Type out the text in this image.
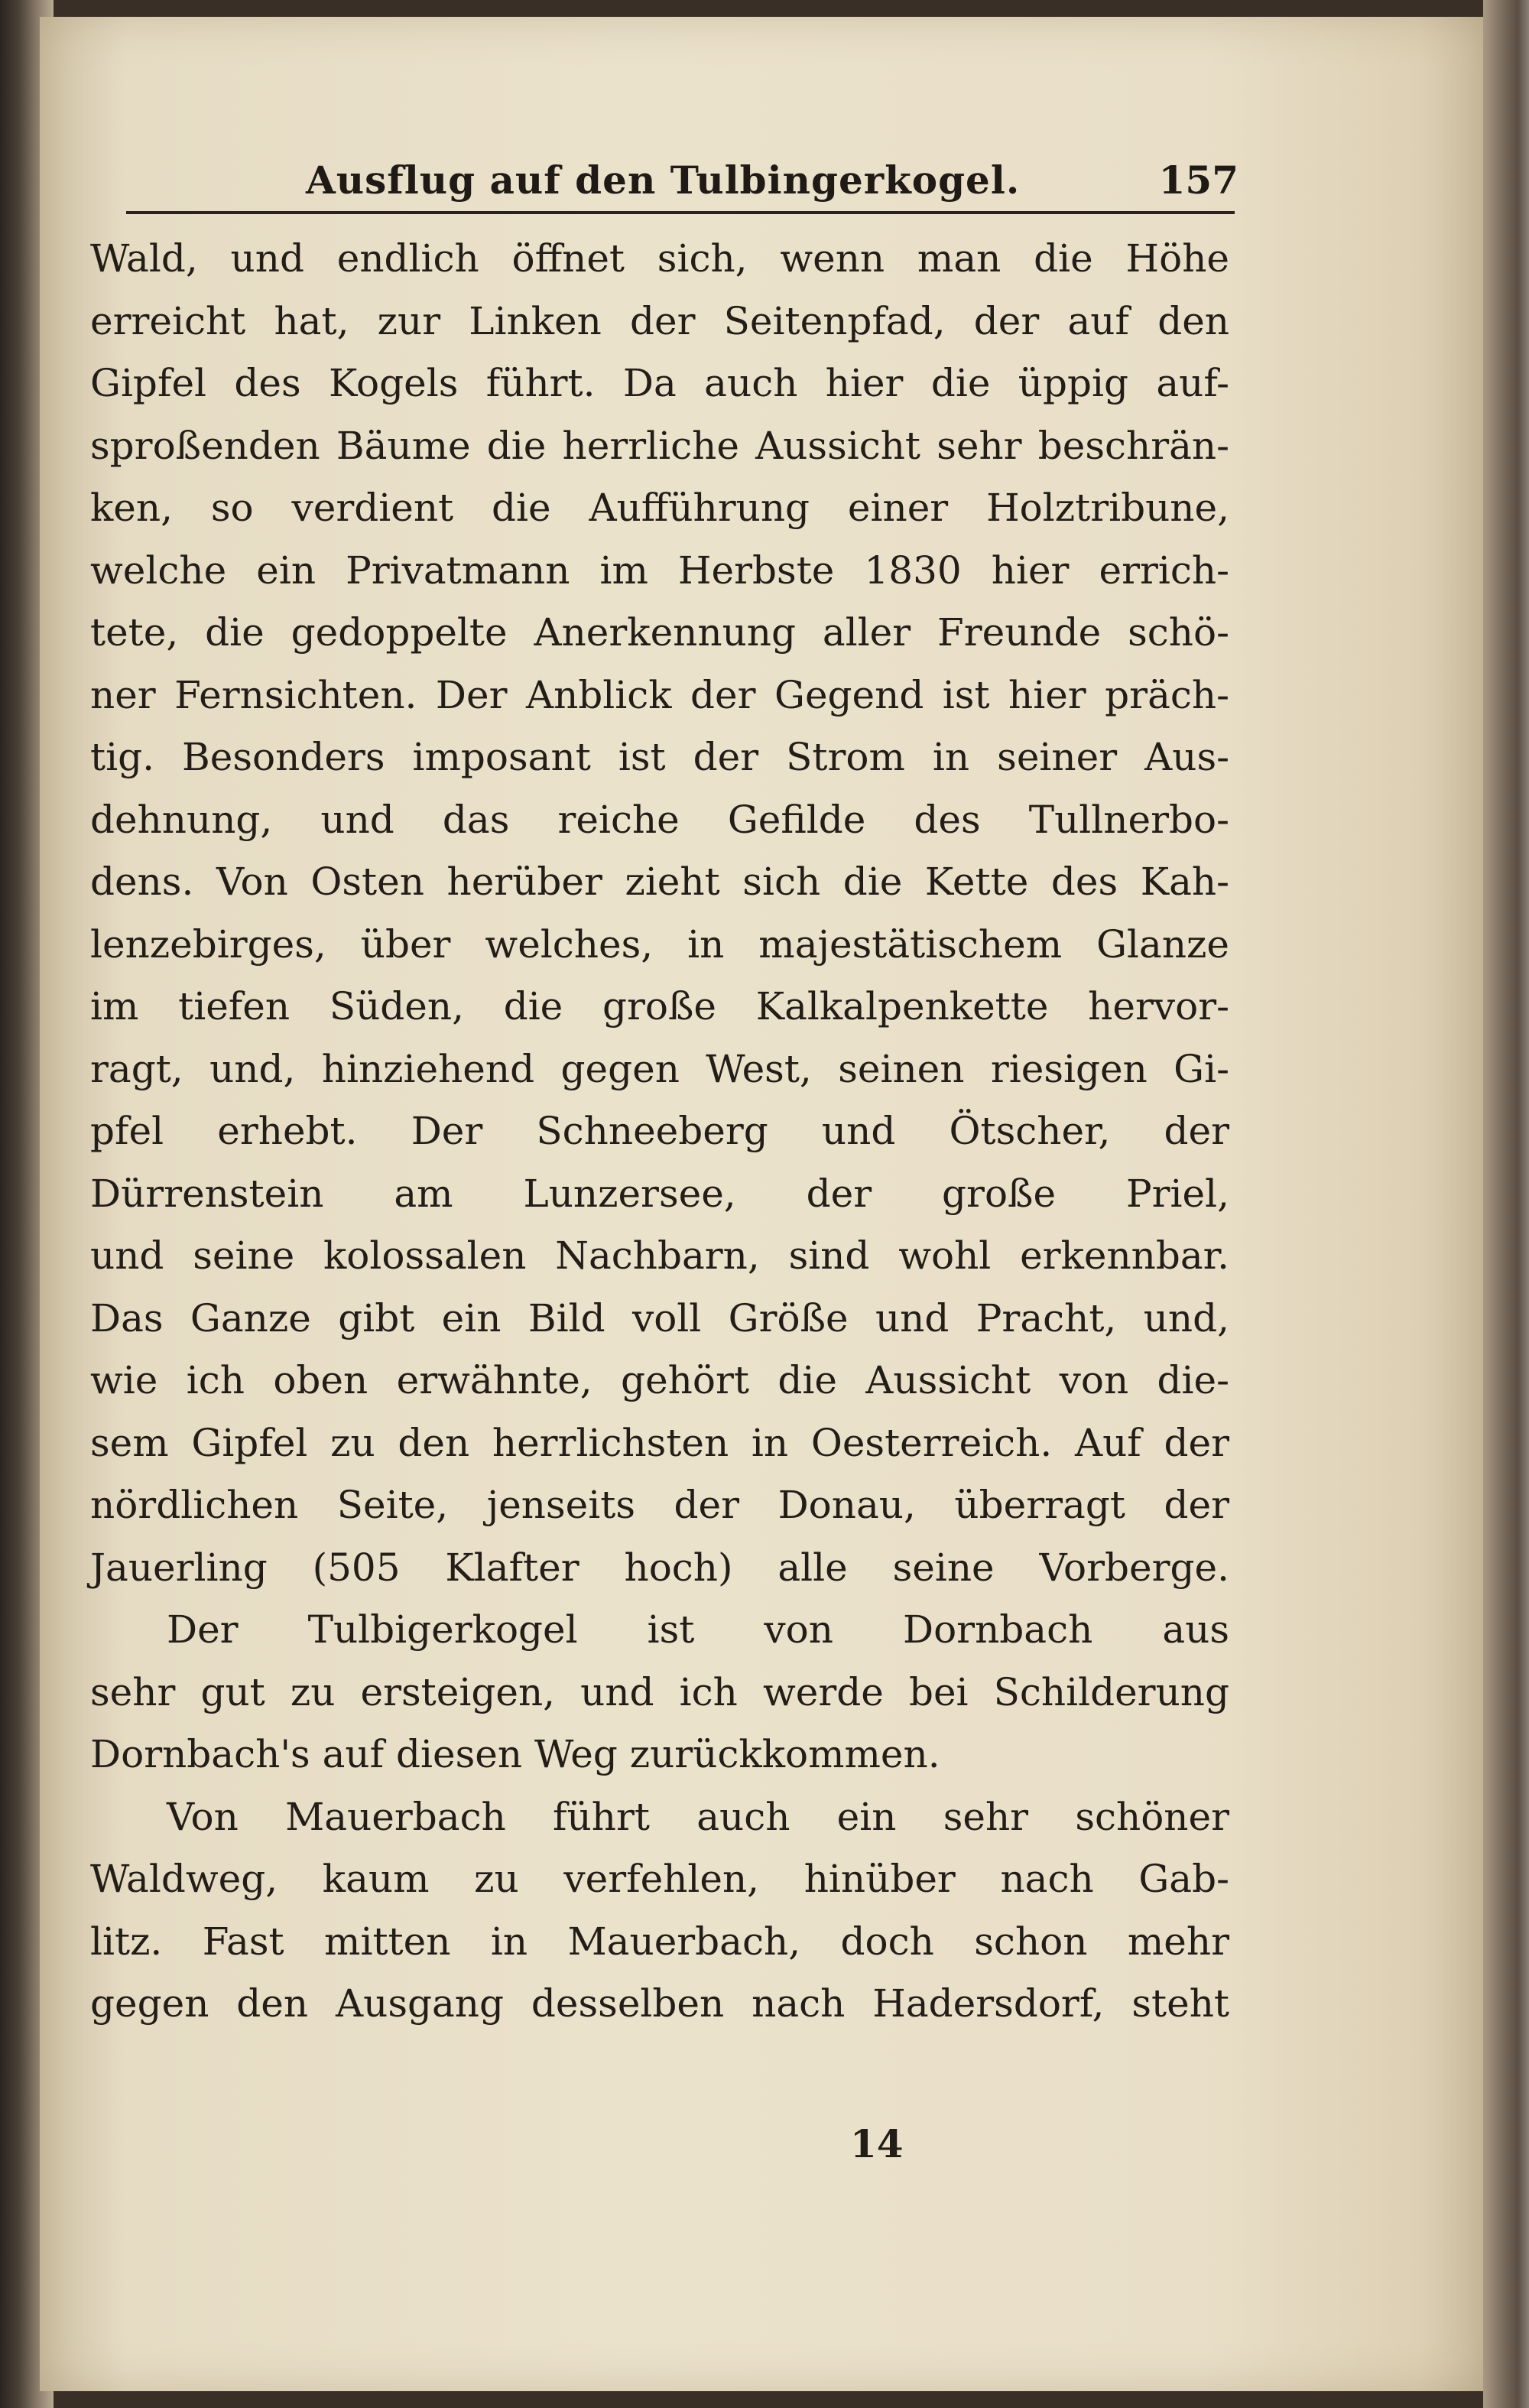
Ausflug auf den Tulbingerkogel.	157
Wald, und endlich öffnet sich, wenn man die Höhe
erreicht hat, zur Linken der Seitenpfad, der auf den
Gipfel des Kogels führt. Da auch hier die üppig auf-
sproßenden Bäume die herrliche Aussicht sehr beschrän-
ken, so verdient die Aufführung einer Holztribune,
welche ein Privatmann im Herbste 1830 hier errich-
tete, die gedoppelte Anerkennung aller Freunde schö-
ner Fernsichten. Der Anblick der Gegend ist hier präch-
tig. Besonders imposant ist der Strom in seiner Aus-
dehnung, und das reiche Gefilde des Tullnerbo-
dens. Von Osten herüber zieht sich die Kette des Kah-
lenzebirges, über welches, in majestätischem Glanze
im tiefen Süden, die große Kalkalpenkette hervor-
ragt, und, hinziehend gegen West, seinen riesigen Gi-
pfel erhebt. Der Schneeberg und Ötscher, der
Dürrenstein am Lunzersee, der große Priel,
und seine kolossalen Nachbarn, sind wohl erkennbar.
Das Ganze gibt ein Bild voll Größe und Pracht, und,
wie ich oben erwähnte, gehört die Aussicht von die-
sem Gipfel zu den herrlichsten in Oesterreich. Auf der
nördlichen Seite, jenseits der Donau, überragt der
Jauerling (505 Klafter hoch) alle seine Vorberge.
Der Tulbigerkogel ist von Dornbach aus
sehr gut zu ersteigen, und ich werde bei Schilderung
Dornbach's auf diesen Weg zurückkommen.
Von Mauerbach führt auch ein sehr schöner
Waldweg, kaum zu verfehlen, hinüber nach Gab-
litz. Fast mitten in Mauerbach, doch schon mehr
gegen den Ausgang desselben nach Hadersdorf, steht
14
